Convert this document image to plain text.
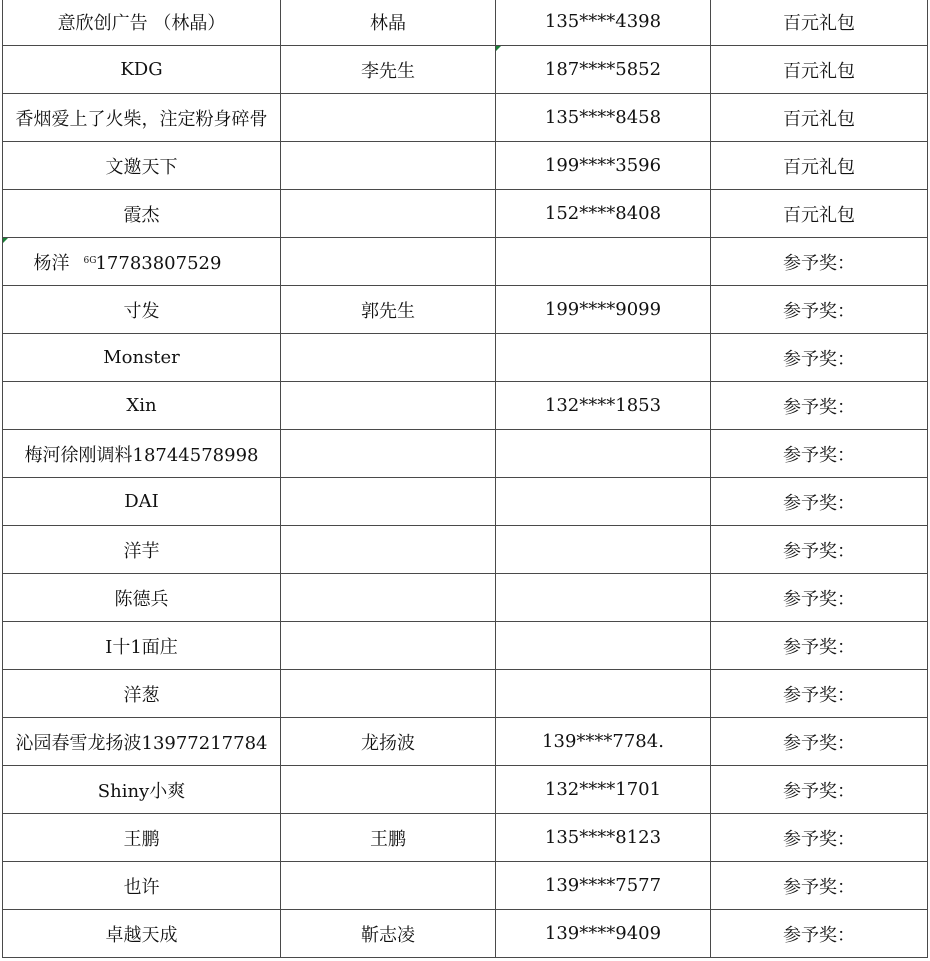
意欣创广告 （林晶）	林晶	135****4398	百元礼包
KDG	李先生	187****5852	百元礼包
香烟爱上了火柴，注定粉身碎骨		135****8458	百元礼包
文邀天下		199****3596	百元礼包
霞杰		152****8408	百元礼包

杨洋 $^{6G}$17783807529			参予奖：
寸发	郭先生	199****9099	参予奖：
Monster			参予奖：
Xin		132****1853	参予奖：
梅河徐刚调料18744578998			参予奖：
DAI			参予奖：
洋芋			参予奖：
陈德兵			参予奖：
I十1面庄			参予奖：
洋葱			参予奖：
沁园春雪龙扬波13977217784	龙扬波	139****7784.	参予奖：
Shiny小爽		132****1701	参予奖：
王鹏	王鹏	135****8123	参予奖：
也许		139****7577	参予奖：
卓越天成	靳志凌	139****9409	参予奖：
